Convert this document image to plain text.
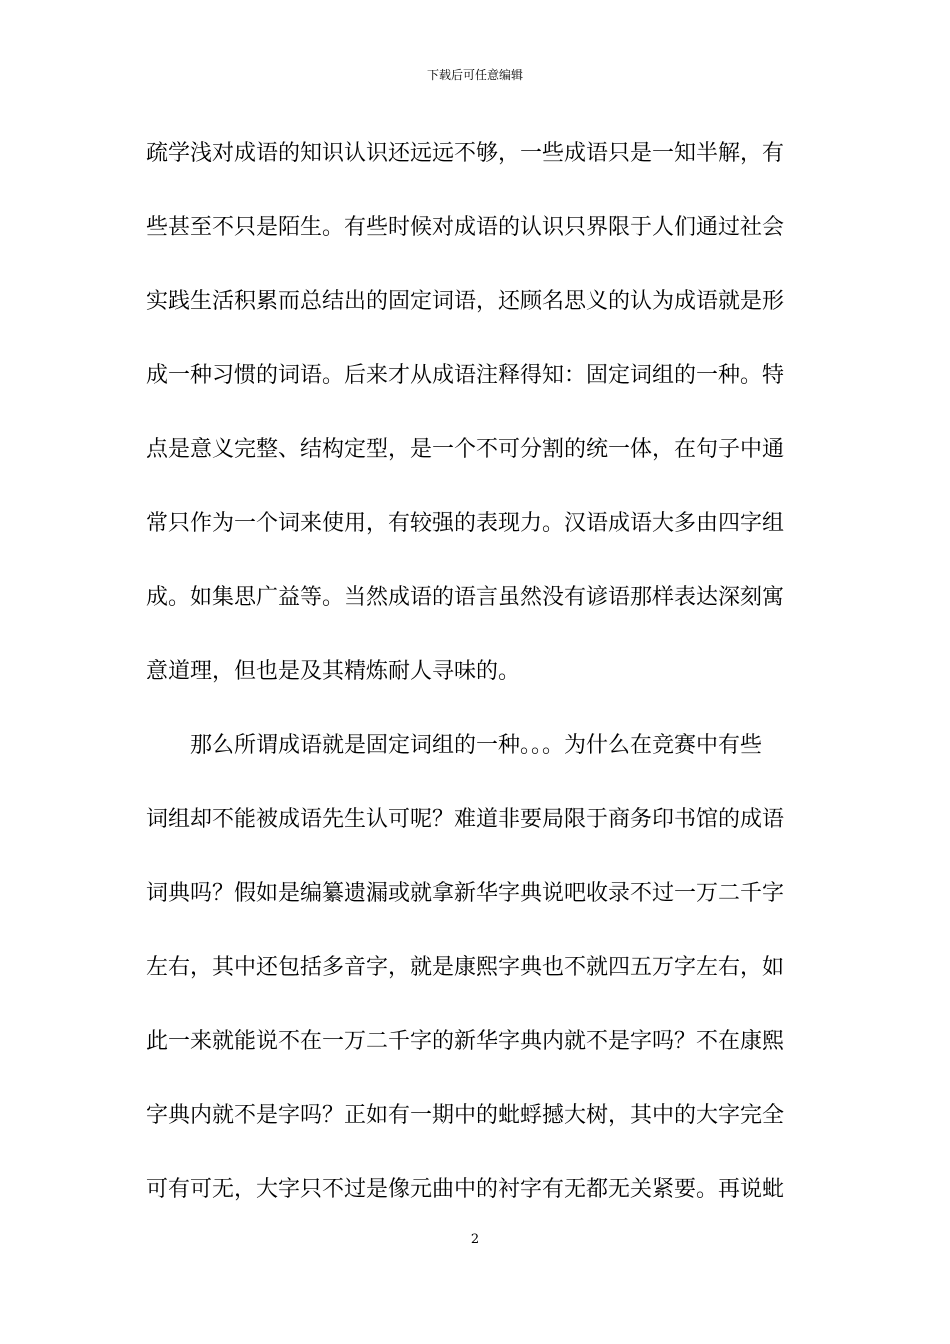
下载后可任意编辑
疏学浅对成语的知识认识还远远不够，一些成语只是一知半解，有
些甚至不只是陌生。有些时候对成语的认识只界限于人们通过社会
实践生活积累而总结出的固定词语，还顾名思义的认为成语就是形
成一种习惯的词语。后来才从成语注释得知：固定词组的一种。特
点是意义完整、结构定型，是一个不可分割的统一体，在句子中通
常只作为一个词来使用，有较强的表现力。汉语成语大多由四字组
成。如集思广益等。当然成语的语言虽然没有谚语那样表达深刻寓
意道理，但也是及其精炼耐人寻味的。
那么所谓成语就是固定词组的一种。。。为什么在竞赛中有些
词组却不能被成语先生认可呢？难道非要局限于商务印书馆的成语
词典吗？假如是编纂遗漏或就拿新华字典说吧收录不过一万二千字
左右，其中还包括多音字，就是康熙字典也不就四五万字左右，如
此一来就能说不在一万二千字的新华字典内就不是字吗？不在康熙
字典内就不是字吗？正如有一期中的蚍蜉撼大树，其中的大字完全
可有可无，大字只不过是像元曲中的衬字有无都无关紧要。再说蚍
2
